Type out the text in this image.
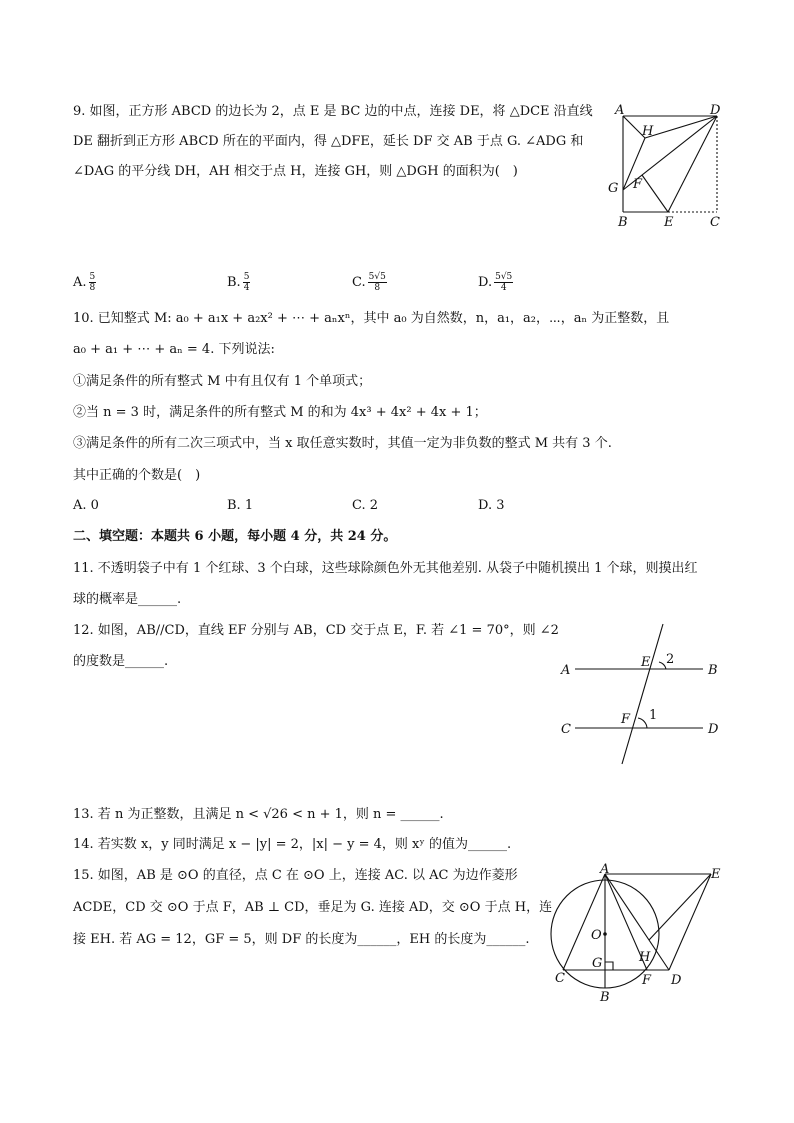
9. 如图，正方形 ABCD 的边长为 2，点 E 是 BC 边的中点，连接 DE，将 △DCE 沿直线
DE 翻折到正方形 ABCD 所在的平面内，得 △DFE，延长 DF 交 AB 于点 G. ∠ADG 和
∠DAG 的平分线 DH，AH 相交于点 H，连接 GH，则 △DGH 的面积为(　)
A	D
H
F
G
B	E	C
A. $\frac{5}{8}$	B. $\frac{5}{4}$	C. $\frac{5√5}{8}$	D. $\frac{5√5}{4}$
10. 已知整式 M: a₀ + a₁x + a₂x² + ⋯ + aₙxⁿ，其中 a₀ 为自然数，n，a₁，a₂，⋯，aₙ 为正整数，且
a₀ + a₁ + ⋯ + aₙ = 4. 下列说法:
①满足条件的所有整式 M 中有且仅有 1 个单项式；
②当 n = 3 时，满足条件的所有整式 M 的和为 4x³ + 4x² + 4x + 1；
③满足条件的所有二次三项式中，当 x 取任意实数时，其值一定为非负数的整式 M 共有 3 个.
其中正确的个数是(　)
A. 0	B. 1	C. 2	D. 3
二、填空题：本题共 6 小题，每小题 4 分，共 24 分。
11. 不透明袋子中有 1 个红球、3 个白球，这些球除颜色外无其他差别. 从袋子中随机摸出 1 个球，则摸出红
球的概率是______.
12. 如图，AB//CD，直线 EF 分别与 AB，CD 交于点 E，F. 若 ∠1 = 70°，则 ∠2
的度数是______.
A
E 2
B
C
F 1
D
13. 若 n 为正整数，且满足 n < √26 < n + 1，则 n = ______.
14. 若实数 x，y 同时满足 x − |y| = 2，|x| − y = 4，则 xʸ 的值为______.
15. 如图，AB 是 ⊙O 的直径，点 C 在 ⊙O 上，连接 AC. 以 AC 为边作菱形
ACDE，CD 交 ⊙O 于点 F，AB ⊥ CD，垂足为 G. 连接 AD，交 ⊙O 于点 H，连
接 EH. 若 AG = 12，GF = 5，则 DF 的长度为______，EH 的长度为______.
A	E
O
H
G
C	F D
B
